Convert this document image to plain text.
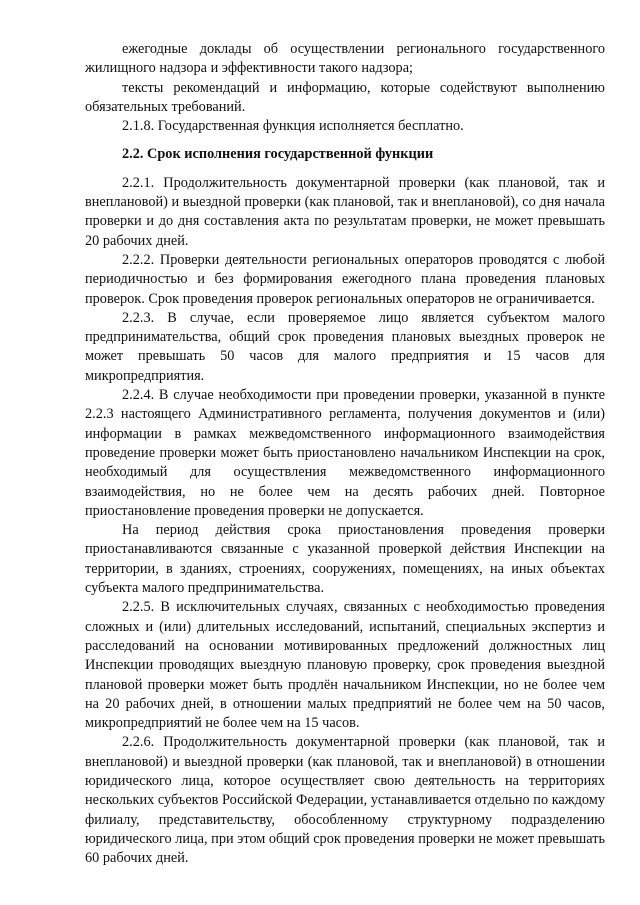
ежегодные доклады об осуществлении регионального государственного жилищного надзора и эффективности такого надзора;

тексты рекомендаций и информацию, которые содействуют выполнению обязательных требований.

2.1.8. Государственная функция исполняется бесплатно.

2.2. Срок исполнения государственной функции

2.2.1. Продолжительность документарной проверки (как плановой, так и внеплановой) и выездной проверки (как плановой, так и внеплановой), со дня начала проверки и до дня составления акта по результатам проверки, не может превышать 20 рабочих дней.

2.2.2. Проверки деятельности региональных операторов проводятся с любой периодичностью и без формирования ежегодного плана проведения плановых проверок. Срок проведения проверок региональных операторов не ограничивается.

2.2.3. В случае, если проверяемое лицо является субъектом малого предпринимательства, общий срок проведения плановых выездных проверок не может превышать 50 часов для малого предприятия и 15 часов для микропредприятия.

2.2.4. В случае необходимости при проведении проверки, указанной в пункте 2.2.3 настоящего Административного регламента, получения документов и (или) информации в рамках межведомственного информационного взаимодействия проведение проверки может быть приостановлено начальником Инспекции на срок, необходимый для осуществления межведомственного информационного взаимодействия, но не более чем на десять рабочих дней. Повторное приостановление проведения проверки не допускается.

На период действия срока приостановления проведения проверки приостанавливаются связанные с указанной проверкой действия Инспекции на территории, в зданиях, строениях, сооружениях, помещениях, на иных объектах субъекта малого предпринимательства.

2.2.5. В исключительных случаях, связанных с необходимостью проведения сложных и (или) длительных исследований, испытаний, специальных экспертиз и расследований на основании мотивированных предложений должностных лиц Инспекции проводящих выездную плановую проверку, срок проведения выездной плановой проверки может быть продлён начальником Инспекции, но не более чем на 20 рабочих дней, в отношении малых предприятий не более чем на 50 часов, микропредприятий не более чем на 15 часов.

2.2.6. Продолжительность документарной проверки (как плановой, так и внеплановой) и выездной проверки (как плановой, так и внеплановой) в отношении юридического лица, которое осуществляет свою деятельность на территориях нескольких субъектов Российской Федерации, устанавливается отдельно по каждому филиалу, представительству, обособленному структурному подразделению юридического лица, при этом общий срок проведения проверки не может превышать 60 рабочих дней.
